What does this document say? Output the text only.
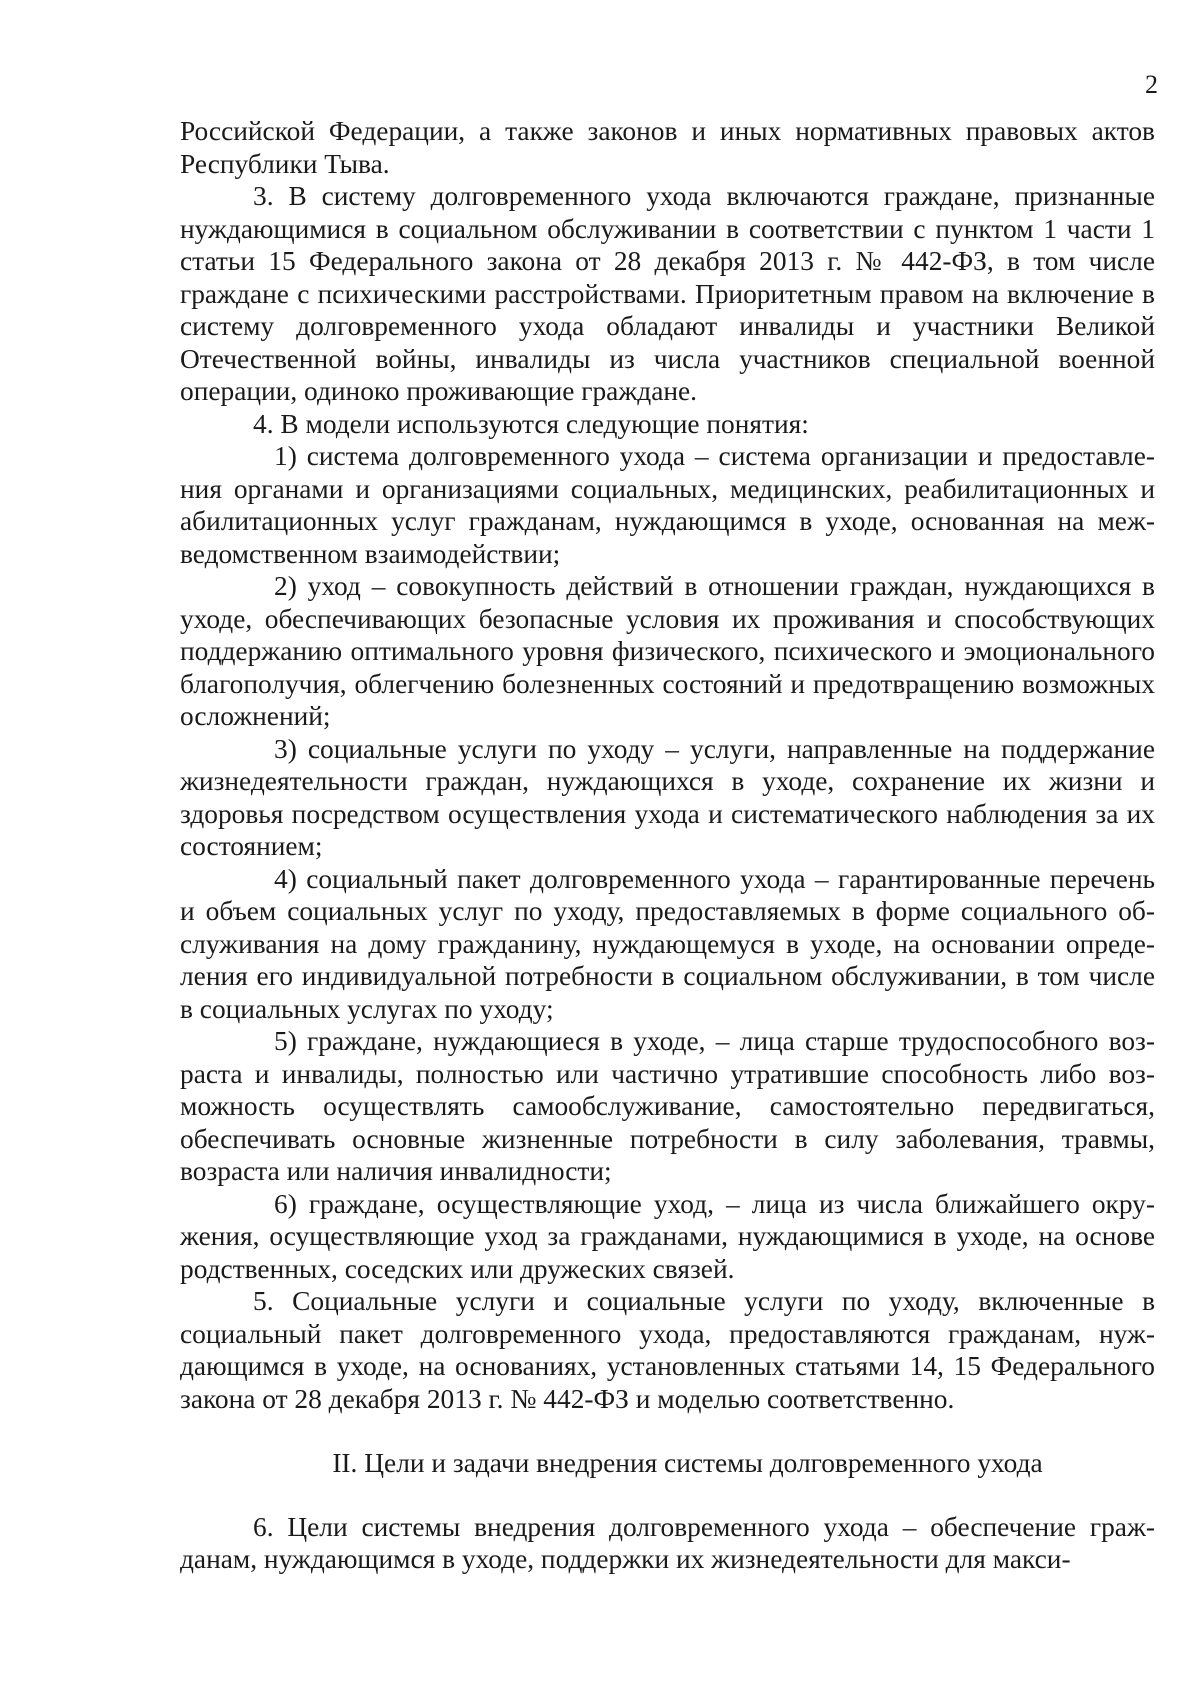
2

Российской Федерации, а также законов и иных нормативных правовых актов Республики Тыва.

3. В систему долговременного ухода включаются граждане, признанные нуждающимися в социальном обслуживании в соответствии с пунктом 1 части 1 статьи 15 Федерального закона от 28 декабря 2013 г. № 442-ФЗ, в том числе граждане с психическими расстройствами. Приоритетным правом на включение в систему долговременного ухода обладают инвалиды и участники Великой Отечественной войны, инвалиды из числа участников специальной военной операции, одиноко проживающие граждане.

4. В модели используются следующие понятия:

1) система долговременного ухода – система организации и предоставления органами и организациями социальных, медицинских, реабилитационных и абилитационных услуг гражданам, нуждающимся в уходе, основанная на межведомственном взаимодействии;

2) уход – совокупность действий в отношении граждан, нуждающихся в уходе, обеспечивающих безопасные условия их проживания и способствующих поддержанию оптимального уровня физического, психического и эмоционального благополучия, облегчению болезненных состояний и предотвращению возможных осложнений;

3) социальные услуги по уходу – услуги, направленные на поддержание жизнедеятельности граждан, нуждающихся в уходе, сохранение их жизни и здоровья посредством осуществления ухода и систематического наблюдения за их состоянием;

4) социальный пакет долговременного ухода – гарантированные перечень и объем социальных услуг по уходу, предоставляемых в форме социального обслуживания на дому гражданину, нуждающемуся в уходе, на основании определения его индивидуальной потребности в социальном обслуживании, в том числе в социальных услугах по уходу;

5) граждане, нуждающиеся в уходе, – лица старше трудоспособного возраста и инвалиды, полностью или частично утратившие способность либо возможность осуществлять самообслуживание, самостоятельно передвигаться, обеспечивать основные жизненные потребности в силу заболевания, травмы, возраста или наличия инвалидности;

6) граждане, осуществляющие уход, – лица из числа ближайшего окружения, осуществляющие уход за гражданами, нуждающимися в уходе, на основе родственных, соседских или дружеских связей.

5. Социальные услуги и социальные услуги по уходу, включенные в социальный пакет долговременного ухода, предоставляются гражданам, нуждающимся в уходе, на основаниях, установленных статьями 14, 15 Федерального закона от 28 декабря 2013 г. № 442-ФЗ и моделью соответственно.

II. Цели и задачи внедрения системы долговременного ухода

6. Цели системы внедрения долговременного ухода – обеспечение гражданам, нуждающимся в уходе, поддержки их жизнедеятельности для макси-
